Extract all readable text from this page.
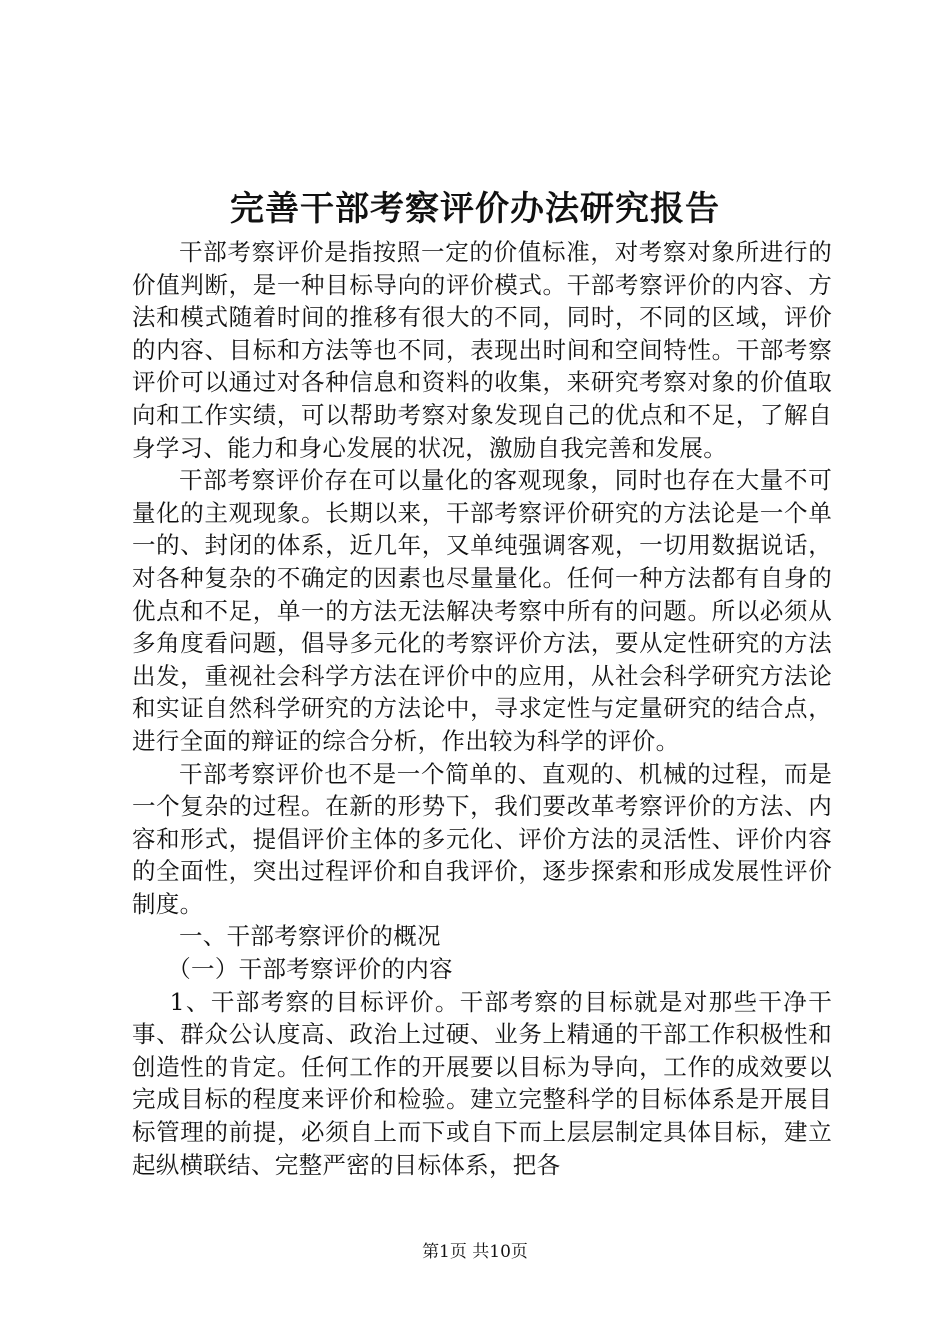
完善干部考察评价办法研究报告

干部考察评价是指按照一定的价值标准，对考察对象所进行的价值判断，是一种目标导向的评价模式。干部考察评价的内容、方法和模式随着时间的推移有很大的不同，同时，不同的区域，评价的内容、目标和方法等也不同，表现出时间和空间特性。干部考察评价可以通过对各种信息和资料的收集，来研究考察对象的价值取向和工作实绩，可以帮助考察对象发现自己的优点和不足，了解自身学习、能力和身心发展的状况，激励自我完善和发展。

干部考察评价存在可以量化的客观现象，同时也存在大量不可量化的主观现象。长期以来，干部考察评价研究的方法论是一个单一的、封闭的体系，近几年，又单纯强调客观，一切用数据说话，对各种复杂的不确定的因素也尽量量化。任何一种方法都有自身的优点和不足，单一的方法无法解决考察中所有的问题。所以必须从多角度看问题，倡导多元化的考察评价方法，要从定性研究的方法出发，重视社会科学方法在评价中的应用，从社会科学研究方法论和实证自然科学研究的方法论中，寻求定性与定量研究的结合点，进行全面的辩证的综合分析，作出较为科学的评价。

干部考察评价也不是一个简单的、直观的、机械的过程，而是一个复杂的过程。在新的形势下，我们要改革考察评价的方法、内容和形式，提倡评价主体的多元化、评价方法的灵活性、评价内容的全面性，突出过程评价和自我评价，逐步探索和形成发展性评价制度。

一、干部考察评价的概况

（一）干部考察评价的内容

1、干部考察的目标评价。干部考察的目标就是对那些干净干事、群众公认度高、政治上过硬、业务上精通的干部工作积极性和创造性的肯定。任何工作的开展要以目标为导向，工作的成效要以完成目标的程度来评价和检验。建立完整科学的目标体系是开展目标管理的前提，必须自上而下或自下而上层层制定具体目标，建立起纵横联结、完整严密的目标体系，把各

第1页 共10页
